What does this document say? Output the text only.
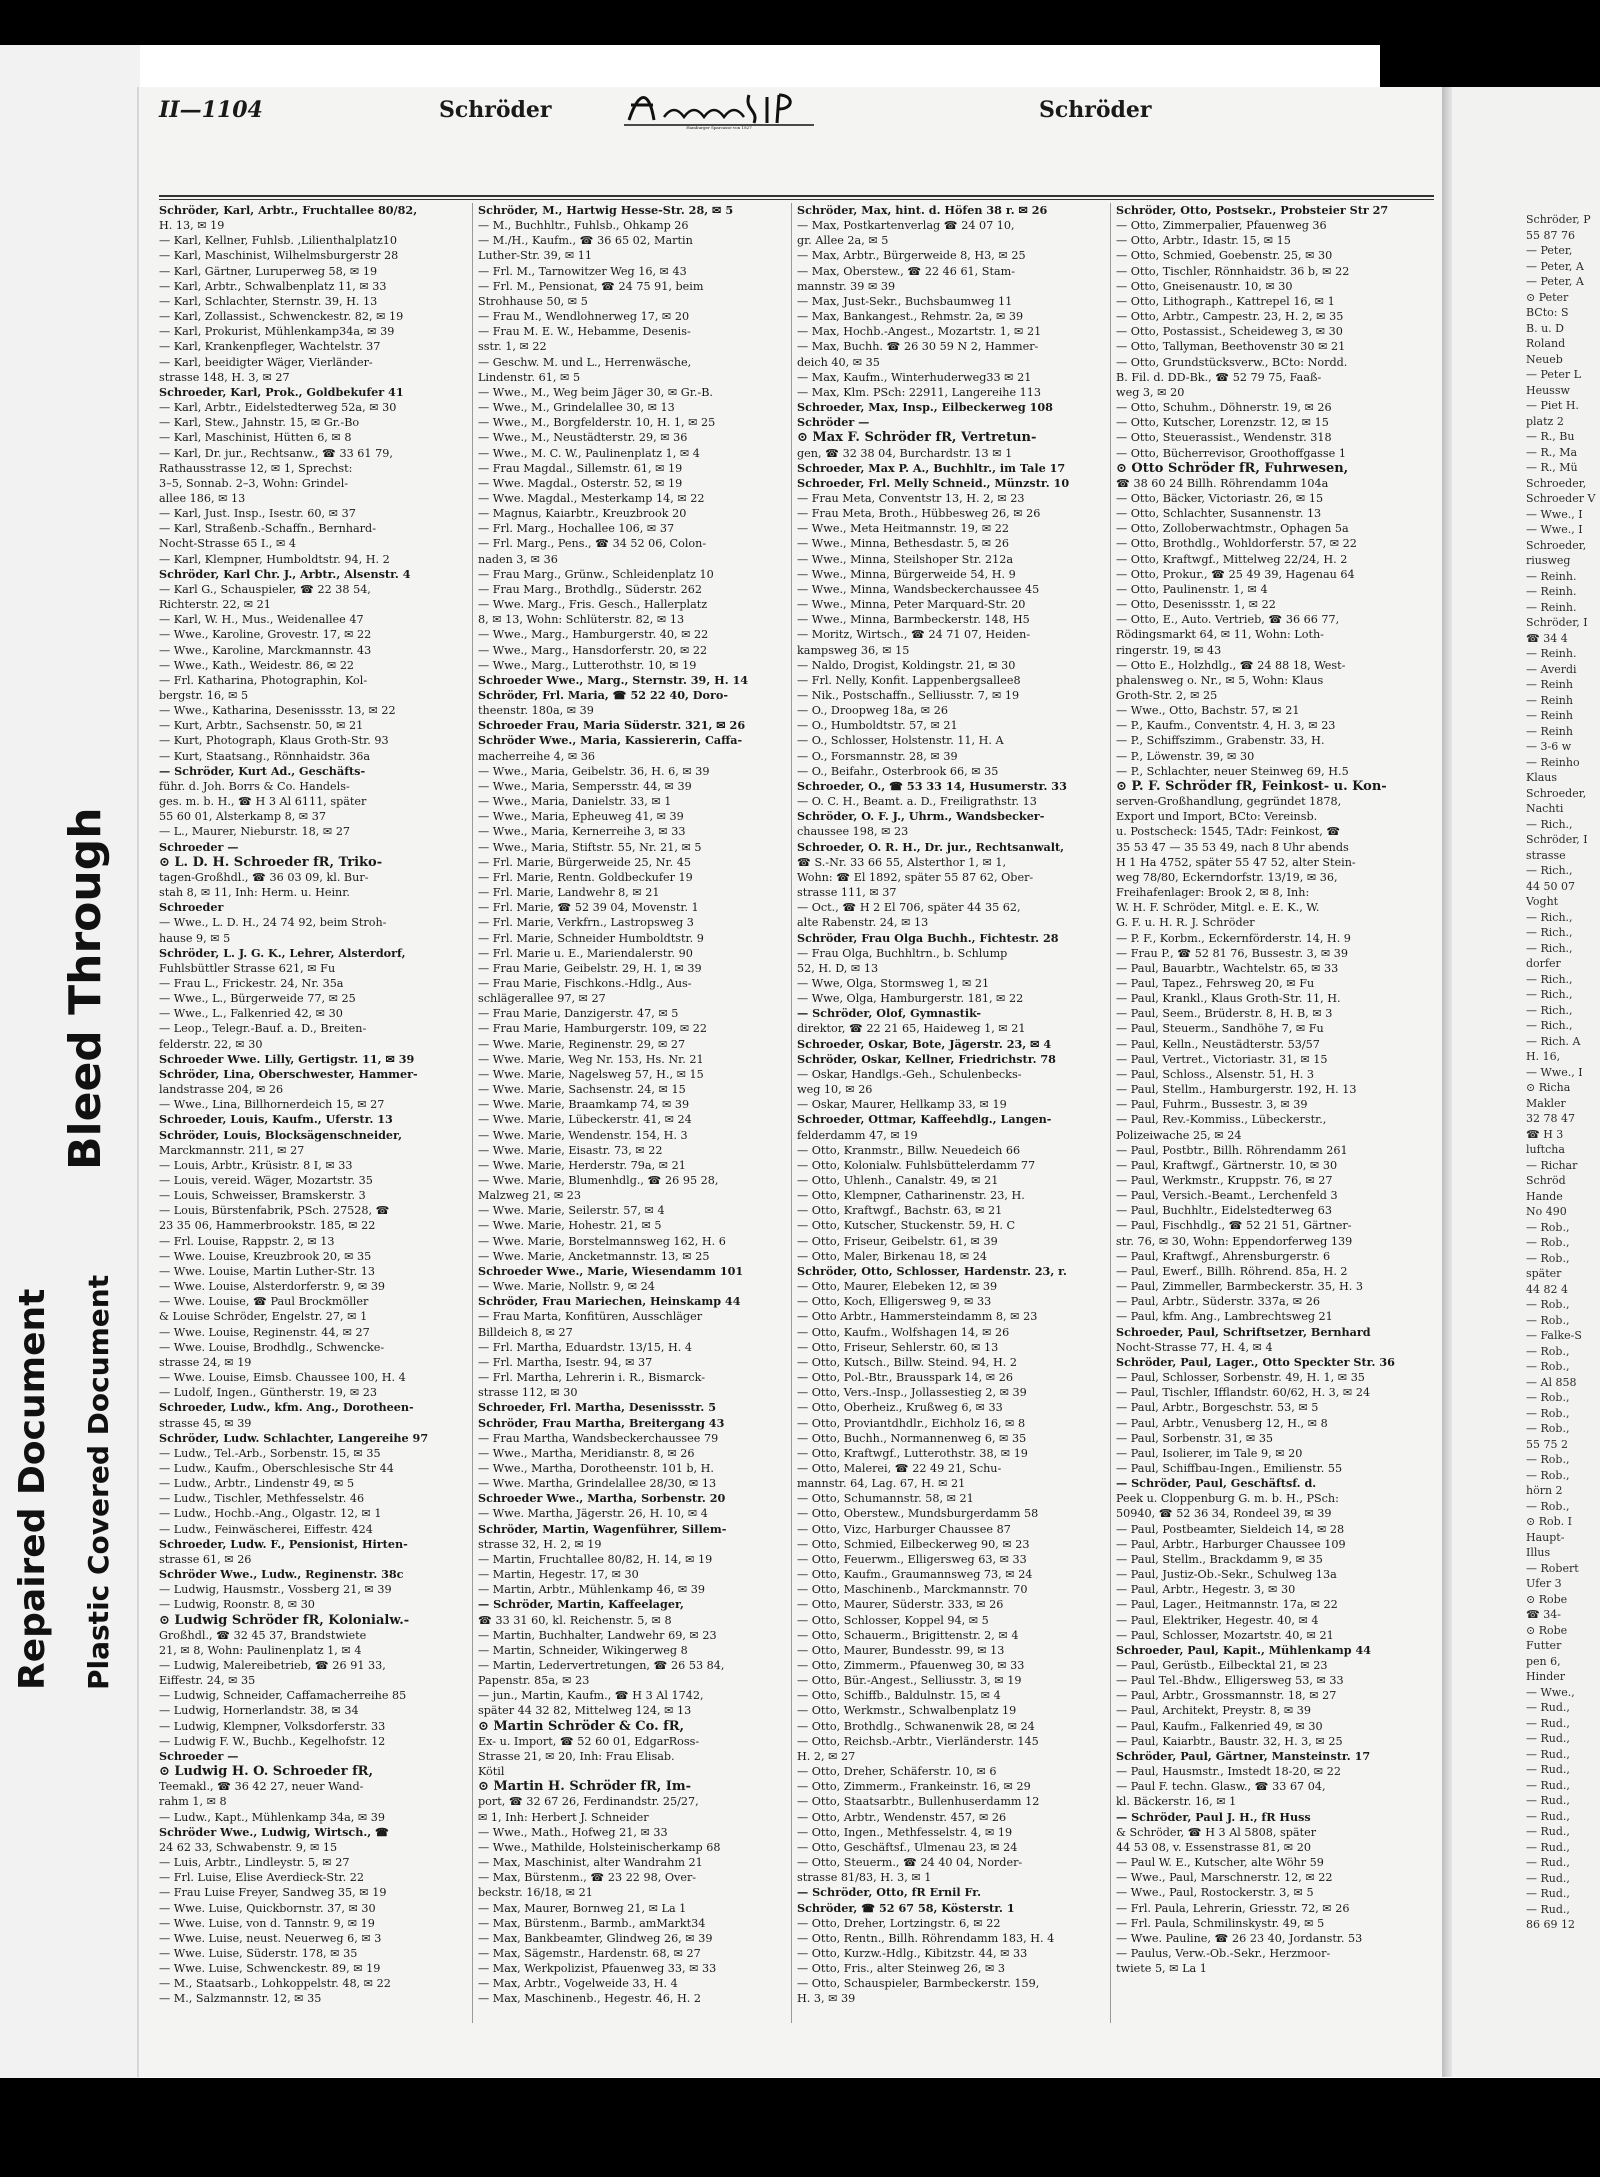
Repaired Document Plastic Covered Document
Bleed Through
II—1104	Schröder
Hamburger Sparcasse von 1827
Schröder
Schröder, Karl, Arbtr., Fruchtallee 80/82,
H. 13, ✉ 19
— Karl, Kellner, Fuhlsb. ,Lilienthalplatz10
— Karl, Maschinist, Wilhelmsburgerstr 28
— Karl, Gärtner, Luruperweg 58, ✉ 19
— Karl, Arbtr., Schwalbenplatz 11, ✉ 33
— Karl, Schlachter, Sternstr. 39, H. 13
— Karl, Zollassist., Schwenckestr. 82, ✉ 19
— Karl, Prokurist, Mühlenkamp34a, ✉ 39
— Karl, Krankenpfleger, Wachtelstr. 37
— Karl, beeidigter Wäger, Vierländer-
strasse 148, H. 3, ✉ 27
Schroeder, Karl, Prok., Goldbekufer 41
— Karl, Arbtr., Eidelstedterweg 52a, ✉ 30
— Karl, Stew., Jahnstr. 15, ✉ Gr.-Bo
— Karl, Maschinist, Hütten 6, ✉ 8
— Karl, Dr. jur., Rechtsanw., ☎ 33 61 79,
Rathausstrasse 12, ✉ 1, Sprechst:
3–5, Sonnab. 2–3, Wohn: Grindel-
allee 186, ✉ 13
— Karl, Just. Insp., Isestr. 60, ✉ 37
— Karl, Straßenb.-Schaffn., Bernhard-
Nocht-Strasse 65 I., ✉ 4
— Karl, Klempner, Humboldtstr. 94, H. 2
Schröder, Karl Chr. J., Arbtr., Alsenstr. 4
— Karl G., Schauspieler, ☎ 22 38 54,
Richterstr. 22, ✉ 21
— Karl, W. H., Mus., Weidenallee 47
— Wwe., Karoline, Grovestr. 17, ✉ 22
— Wwe., Karoline, Marckmannstr. 43
— Wwe., Kath., Weidestr. 86, ✉ 22
— Frl. Katharina, Photographin, Kol-
bergstr. 16, ✉ 5
— Wwe., Katharina, Desenissstr. 13, ✉ 22
— Kurt, Arbtr., Sachsenstr. 50, ✉ 21
— Kurt, Photograph, Klaus Groth-Str. 93
— Kurt, Staatsang., Rönnhaidstr. 36a
— Schröder, Kurt Ad., Geschäfts-
führ. d. Joh. Borrs & Co. Handels-
ges. m. b. H., ☎ H 3 Al 6111, später
55 60 01, Alsterkamp 8, ✉ 37
— L., Maurer, Nieburstr. 18, ✉ 27
Schroeder —
⊙ L. D. H. Schroeder fR, Triko-
tagen-Großhdl., ☎ 36 03 09, kl. Bur-
stah 8, ✉ 11, Inh: Herm. u. Heinr.
Schroeder
— Wwe., L. D. H., 24 74 92, beim Stroh-
hause 9, ✉ 5
Schröder, L. J. G. K., Lehrer, Alsterdorf,
Fuhlsbüttler Strasse 621, ✉ Fu
— Frau L., Frickestr. 24, Nr. 35a
— Wwe., L., Bürgerweide 77, ✉ 25
— Wwe., L., Falkenried 42, ✉ 30
— Leop., Telegr.-Bauf. a. D., Breiten-
felderstr. 22, ✉ 30
Schroeder Wwe. Lilly, Gertigstr. 11, ✉ 39
Schröder, Lina, Oberschwester, Hammer-
landstrasse 204, ✉ 26
— Wwe., Lina, Billhornerdeich 15, ✉ 27
Schroeder, Louis, Kaufm., Uferstr. 13
Schröder, Louis, Blocksägenschneider,
Marckmannstr. 211, ✉ 27
— Louis, Arbtr., Krüsistr. 8 I, ✉ 33
— Louis, vereid. Wäger, Mozartstr. 35
— Louis, Schweisser, Bramskerstr. 3
— Louis, Bürstenfabrik, PSch. 27528, ☎
23 35 06, Hammerbrookstr. 185, ✉ 22
— Frl. Louise, Rappstr. 2, ✉ 13
— Wwe. Louise, Kreuzbrook 20, ✉ 35
— Wwe. Louise, Martin Luther-Str. 13
— Wwe. Louise, Alsterdorferstr. 9, ✉ 39
— Wwe. Louise, ☎ Paul Brockmöller
& Louise Schröder, Engelstr. 27, ✉ 1
— Wwe. Louise, Reginenstr. 44, ✉ 27
— Wwe. Louise, Brodhdlg., Schwencke-
strasse 24, ✉ 19
— Wwe. Louise, Eimsb. Chaussee 100, H. 4
— Ludolf, Ingen., Güntherstr. 19, ✉ 23
Schroeder, Ludw., kfm. Ang., Dorotheen-
strasse 45, ✉ 39
Schröder, Ludw. Schlachter, Langereihe 97
— Ludw., Tel.-Arb., Sorbenstr. 15, ✉ 35
— Ludw., Kaufm., Oberschlesische Str 44
— Ludw., Arbtr., Lindenstr 49, ✉ 5
— Ludw., Tischler, Methfesselstr. 46
— Ludw., Hochb.-Ang., Olgastr. 12, ✉ 1
— Ludw., Feinwäscherei, Eiffestr. 424
Schroeder, Ludw. F., Pensionist, Hirten-
strasse 61, ✉ 26
Schröder Wwe., Ludw., Reginenstr. 38c
— Ludwig, Hausmstr., Vossberg 21, ✉ 39
— Ludwig, Roonstr. 8, ✉ 30
⊙ Ludwig Schröder fR, Kolonialw.-
Großhdl., ☎ 32 45 37, Brandstwiete
21, ✉ 8, Wohn: Paulinenplatz 1, ✉ 4
— Ludwig, Malereibetrieb, ☎ 26 91 33,
Eiffestr. 24, ✉ 35
— Ludwig, Schneider, Caffamacherreihe 85
— Ludwig, Hornerlandstr. 38, ✉ 34
— Ludwig, Klempner, Volksdorferstr. 33
— Ludwig F. W., Buchb., Kegelhofstr. 12
Schroeder —
⊙ Ludwig H. O. Schroeder fR,
Teemakl., ☎ 36 42 27, neuer Wand-
rahm 1, ✉ 8
— Ludw., Kapt., Mühlenkamp 34a, ✉ 39
Schröder Wwe., Ludwig, Wirtsch., ☎
24 62 33, Schwabenstr. 9, ✉ 15
— Luis, Arbtr., Lindleystr. 5, ✉ 27
— Frl. Luise, Elise Averdieck-Str. 22
— Frau Luise Freyer, Sandweg 35, ✉ 19
— Wwe. Luise, Quickbornstr. 37, ✉ 30
— Wwe. Luise, von d. Tannstr. 9, ✉ 19
— Wwe. Luise, neust. Neuerweg 6, ✉ 3
— Wwe. Luise, Süderstr. 178, ✉ 35
— Wwe. Luise, Schwenckestr. 89, ✉ 19
— M., Staatsarb., Lohkoppelstr. 48, ✉ 22
— M., Salzmannstr. 12, ✉ 35
Schröder, M., Hartwig Hesse-Str. 28, ✉ 5
— M., Buchhltr., Fuhlsb., Ohkamp 26
— M./H., Kaufm., ☎ 36 65 02, Martin
Luther-Str. 39, ✉ 11
— Frl. M., Tarnowitzer Weg 16, ✉ 43
— Frl. M., Pensionat, ☎ 24 75 91, beim
Strohhause 50, ✉ 5
— Frau M., Wendlohnerweg 17, ✉ 20
— Frau M. E. W., Hebamme, Desenis-
sstr. 1, ✉ 22
— Geschw. M. und L., Herrenwäsche,
Lindenstr. 61, ✉ 5
— Wwe., M., Weg beim Jäger 30, ✉ Gr.-B.
— Wwe., M., Grindelallee 30, ✉ 13
— Wwe., M., Borgfelderstr. 10, H. 1, ✉ 25
— Wwe., M., Neustädterstr. 29, ✉ 36
— Wwe., M. C. W., Paulinenplatz 1, ✉ 4
— Frau Magdal., Sillemstr. 61, ✉ 19
— Wwe. Magdal., Osterstr. 52, ✉ 19
— Wwe. Magdal., Mesterkamp 14, ✉ 22
— Magnus, Kaiarbtr., Kreuzbrook 20
— Frl. Marg., Hochallee 106, ✉ 37
— Frl. Marg., Pens., ☎ 34 52 06, Colon-
naden 3, ✉ 36
— Frau Marg., Grünw., Schleidenplatz 10
— Frau Marg., Brothdlg., Süderstr. 262
— Wwe. Marg., Fris. Gesch., Hallerplatz
8, ✉ 13, Wohn: Schlüterstr. 82, ✉ 13
— Wwe., Marg., Hamburgerstr. 40, ✉ 22
— Wwe., Marg., Hansdorferstr. 20, ✉ 22
— Wwe., Marg., Lutterothstr. 10, ✉ 19
Schroeder Wwe., Marg., Sternstr. 39, H. 14
Schröder, Frl. Maria, ☎ 52 22 40, Doro-
theenstr. 180a, ✉ 39
Schroeder Frau, Maria Süderstr. 321, ✉ 26
Schröder Wwe., Maria, Kassiererin, Caffa-
macherreihe 4, ✉ 36
— Wwe., Maria, Geibelstr. 36, H. 6, ✉ 39
— Wwe., Maria, Sempersstr. 44, ✉ 39
— Wwe., Maria, Danielstr. 33, ✉ 1
— Wwe., Maria, Epheuweg 41, ✉ 39
— Wwe., Maria, Kernerreihe 3, ✉ 33
— Wwe., Maria, Stiftstr. 55, Nr. 21, ✉ 5
— Frl. Marie, Bürgerweide 25, Nr. 45
— Frl. Marie, Rentn. Goldbeckufer 19
— Frl. Marie, Landwehr 8, ✉ 21
— Frl. Marie, ☎ 52 39 04, Movenstr. 1
— Frl. Marie, Verkfrn., Lastropsweg 3
— Frl. Marie, Schneider Humboldtstr. 9
— Frl. Marie u. E., Mariendalerstr. 90
— Frau Marie, Geibelstr. 29, H. 1, ✉ 39
— Frau Marie, Fischkons.-Hdlg., Aus-
schlägerallee 97, ✉ 27
— Frau Marie, Danzigerstr. 47, ✉ 5
— Frau Marie, Hamburgerstr. 109, ✉ 22
— Wwe. Marie, Reginenstr. 29, ✉ 27
— Wwe. Marie, Weg Nr. 153, Hs. Nr. 21
— Wwe. Marie, Nagelsweg 57, H., ✉ 15
— Wwe. Marie, Sachsenstr. 24, ✉ 15
— Wwe. Marie, Braamkamp 74, ✉ 39
— Wwe. Marie, Lübeckerstr. 41, ✉ 24
— Wwe. Marie, Wendenstr. 154, H. 3
— Wwe. Marie, Eisastr. 73, ✉ 22
— Wwe. Marie, Herderstr. 79a, ✉ 21
— Wwe. Marie, Blumenhdlg., ☎ 26 95 28,
Malzweg 21, ✉ 23
— Wwe. Marie, Seilerstr. 57, ✉ 4
— Wwe. Marie, Hohestr. 21, ✉ 5
— Wwe. Marie, Borstelmannsweg 162, H. 6
— Wwe. Marie, Ancketmannstr. 13, ✉ 25
Schroeder Wwe., Marie, Wiesendamm 101
— Wwe. Marie, Nollstr. 9, ✉ 24
Schröder, Frau Mariechen, Heinskamp 44
— Frau Marta, Konfitüren, Ausschläger
Billdeich 8, ✉ 27
— Frl. Martha, Eduardstr. 13/15, H. 4
— Frl. Martha, Isestr. 94, ✉ 37
— Frl. Martha, Lehrerin i. R., Bismarck-
strasse 112, ✉ 30
Schroeder, Frl. Martha, Desenissstr. 5
Schröder, Frau Martha, Breitergang 43
— Frau Martha, Wandsbeckerchaussee 79
— Wwe., Martha, Meridianstr. 8, ✉ 26
— Wwe., Martha, Dorotheenstr. 101 b, H.
— Wwe. Martha, Grindelallee 28/30, ✉ 13
Schroeder Wwe., Martha, Sorbenstr. 20
— Wwe. Martha, Jägerstr. 26, H. 10, ✉ 4
Schröder, Martin, Wagenführer, Sillem-
strasse 32, H. 2, ✉ 19
— Martin, Fruchtallee 80/82, H. 14, ✉ 19
— Martin, Hegestr. 17, ✉ 30
— Martin, Arbtr., Mühlenkamp 46, ✉ 39
— Schröder, Martin, Kaffeelager,
☎ 33 31 60, kl. Reichenstr. 5, ✉ 8
— Martin, Buchhalter, Landwehr 69, ✉ 23
— Martin, Schneider, Wikingerweg 8
— Martin, Ledervertretungen, ☎ 26 53 84,
Papenstr. 85a, ✉ 23
— jun., Martin, Kaufm., ☎ H 3 Al 1742,
später 44 32 82, Mittelweg 124, ✉ 13
⊙ Martin Schröder & Co. fR,
Ex- u. Import, ☎ 52 60 01, EdgarRoss-
Strasse 21, ✉ 20, Inh: Frau Elisab.
Kötil
⊙ Martin H. Schröder fR, Im-
port, ☎ 32 67 26, Ferdinandstr. 25/27,
✉ 1, Inh: Herbert J. Schneider
— Wwe., Math., Hofweg 21, ✉ 33
— Wwe., Mathilde, Holsteinischerkamp 68
— Max, Maschinist, alter Wandrahm 21
— Max, Bürstenm., ☎ 23 22 98, Over-
beckstr. 16/18, ✉ 21
— Max, Maurer, Bornweg 21, ✉ La 1
— Max, Bürstenm., Barmb., amMarkt34
— Max, Bankbeamter, Glindweg 26, ✉ 39
— Max, Sägemstr., Hardenstr. 68, ✉ 27
— Max, Werkpolizist, Pfauenweg 33, ✉ 33
— Max, Arbtr., Vogelweide 33, H. 4
— Max, Maschinenb., Hegestr. 46, H. 2
Schröder, Max, hint. d. Höfen 38 r. ✉ 26
— Max, Postkartenverlag ☎ 24 07 10,
gr. Allee 2a, ✉ 5
— Max, Arbtr., Bürgerweide 8, H3, ✉ 25
— Max, Oberstew., ☎ 22 46 61, Stam-
mannstr. 39 ✉ 39
— Max, Just-Sekr., Buchsbaumweg 11
— Max, Bankangest., Rehmstr. 2a, ✉ 39
— Max, Hochb.-Angest., Mozartstr. 1, ✉ 21
— Max, Buchh. ☎ 26 30 59 N 2, Hammer-
deich 40, ✉ 35
— Max, Kaufm., Winterhuderweg33 ✉ 21
— Max, Klm. PSch: 22911, Langereihe 113
Schroeder, Max, Insp., Eilbeckerweg 108
Schröder —
⊙ Max F. Schröder fR, Vertretun-
gen, ☎ 32 38 04, Burchardstr. 13 ✉ 1
Schroeder, Max P. A., Buchhltr., im Tale 17
Schroeder, Frl. Melly Schneid., Münzstr. 10
— Frau Meta, Conventstr 13, H. 2, ✉ 23
— Frau Meta, Broth., Hübbesweg 26, ✉ 26
— Wwe., Meta Heitmannstr. 19, ✉ 22
— Wwe., Minna, Bethesdastr. 5, ✉ 26
— Wwe., Minna, Steilshoper Str. 212a
— Wwe., Minna, Bürgerweide 54, H. 9
— Wwe., Minna, Wandsbeckerchaussee 45
— Wwe., Minna, Peter Marquard-Str. 20
— Wwe., Minna, Barmbeckerstr. 148, H5
— Moritz, Wirtsch., ☎ 24 71 07, Heiden-
kampsweg 36, ✉ 15
— Naldo, Drogist, Koldingstr. 21, ✉ 30
— Frl. Nelly, Konfit. Lappenbergsallee8
— Nik., Postschaffn., Selliusstr. 7, ✉ 19
— O., Droopweg 18a, ✉ 26
— O., Humboldtstr. 57, ✉ 21
— O., Schlosser, Holstenstr. 11, H. A
— O., Forsmannstr. 28, ✉ 39
— O., Beifahr., Osterbrook 66, ✉ 35
Schroeder, O., ☎ 53 33 14, Husumerstr. 33
— O. C. H., Beamt. a. D., Freiligrathstr. 13
Schröder, O. F. J., Uhrm., Wandsbecker-
chaussee 198, ✉ 23
Schroeder, O. R. H., Dr. jur., Rechtsanwalt,
☎ S.-Nr. 33 66 55, Alsterthor 1, ✉ 1,
Wohn: ☎ El 1892, später 55 87 62, Ober-
strasse 111, ✉ 37
— Oct., ☎ H 2 El 706, später 44 35 62,
alte Rabenstr. 24, ✉ 13
Schröder, Frau Olga Buchh., Fichtestr. 28
— Frau Olga, Buchhltrn., b. Schlump
52, H. D, ✉ 13
— Wwe, Olga, Stormsweg 1, ✉ 21
— Wwe, Olga, Hamburgerstr. 181, ✉ 22
— Schröder, Olof, Gymnastik-
direktor, ☎ 22 21 65, Haideweg 1, ✉ 21
Schroeder, Oskar, Bote, Jägerstr. 23, ✉ 4
Schröder, Oskar, Kellner, Friedrichstr. 78
— Oskar, Handlgs.-Geh., Schulenbecks-
weg 10, ✉ 26
— Oskar, Maurer, Hellkamp 33, ✉ 19
Schroeder, Ottmar, Kaffeehdlg., Langen-
felderdamm 47, ✉ 19
— Otto, Kranmstr., Billw. Neuedeich 66
— Otto, Kolonialw. Fuhlsbüttelerdamm 77
— Otto, Uhlenh., Canalstr. 49, ✉ 21
— Otto, Klempner, Catharinenstr. 23, H.
— Otto, Kraftwgf., Bachstr. 63, ✉ 21
— Otto, Kutscher, Stuckenstr. 59, H. C
— Otto, Friseur, Geibelstr. 61, ✉ 39
— Otto, Maler, Birkenau 18, ✉ 24
Schröder, Otto, Schlosser, Hardenstr. 23, r.
— Otto, Maurer, Elebeken 12, ✉ 39
— Otto, Koch, Elligersweg 9, ✉ 33
— Otto Arbtr., Hammersteindamm 8, ✉ 23
— Otto, Kaufm., Wolfshagen 14, ✉ 26
— Otto, Friseur, Sehlerstr. 60, ✉ 13
— Otto, Kutsch., Billw. Steind. 94, H. 2
— Otto, Pol.-Btr., Brausspark 14, ✉ 26
— Otto, Vers.-Insp., Jollassestieg 2, ✉ 39
— Otto, Oberheiz., Krußweg 6, ✉ 33
— Otto, Proviantdhdlr., Eichholz 16, ✉ 8
— Otto, Buchh., Normannenweg 6, ✉ 35
— Otto, Kraftwgf., Lutterothstr. 38, ✉ 19
— Otto, Malerei, ☎ 22 49 21, Schu-
mannstr. 64, Lag. 67, H. ✉ 21
— Otto, Schumannstr. 58, ✉ 21
— Otto, Oberstew., Mundsburgerdamm 58
— Otto, Vizc, Harburger Chaussee 87
— Otto, Schmied, Eilbeckerweg 90, ✉ 23
— Otto, Feuerwm., Elligersweg 63, ✉ 33
— Otto, Kaufm., Graumannsweg 73, ✉ 24
— Otto, Maschinenb., Marckmannstr. 70
— Otto, Maurer, Süderstr. 333, ✉ 26
— Otto, Schlosser, Koppel 94, ✉ 5
— Otto, Schauerm., Brigittenstr. 2, ✉ 4
— Otto, Maurer, Bundesstr. 99, ✉ 13
— Otto, Zimmerm., Pfauenweg 30, ✉ 33
— Otto, Bür.-Angest., Selliusstr. 3, ✉ 19
— Otto, Schiffb., Baldulnstr. 15, ✉ 4
— Otto, Werkmstr., Schwalbenplatz 19
— Otto, Brothdlg., Schwanenwik 28, ✉ 24
— Otto, Reichsb.-Arbtr., Vierländerstr. 145
H. 2, ✉ 27
— Otto, Dreher, Schäferstr. 10, ✉ 6
— Otto, Zimmerm., Frankeinstr. 16, ✉ 29
— Otto, Staatsarbtr., Bullenhuserdamm 12
— Otto, Arbtr., Wendenstr. 457, ✉ 26
— Otto, Ingen., Methfesselstr. 4, ✉ 19
— Otto, Geschäftsf., Ulmenau 23, ✉ 24
— Otto, Steuerm., ☎ 24 40 04, Norder-
strasse 81/83, H. 3, ✉ 1
— Schröder, Otto, fR Ernil Fr.
Schröder, ☎ 52 67 58, Kösterstr. 1
— Otto, Dreher, Lortzingstr. 6, ✉ 22
— Otto, Rentn., Billh. Röhrendamm 183, H. 4
— Otto, Kurzw.-Hdlg., Kibitzstr. 44, ✉ 33
— Otto, Fris., alter Steinweg 26, ✉ 3
— Otto, Schauspieler, Barmbeckerstr. 159,
H. 3, ✉ 39
Schröder, Otto, Postsekr., Probsteier Str 27
— Otto, Zimmerpalier, Pfauenweg 36
— Otto, Arbtr., Idastr. 15, ✉ 15
— Otto, Schmied, Goebenstr. 25, ✉ 30
— Otto, Tischler, Rönnhaidstr. 36 b, ✉ 22
— Otto, Gneisenaustr. 10, ✉ 30
— Otto, Lithograph., Kattrepel 16, ✉ 1
— Otto, Arbtr., Campestr. 23, H. 2, ✉ 35
— Otto, Postassist., Scheideweg 3, ✉ 30
— Otto, Tallyman, Beethovenstr 30 ✉ 21
— Otto, Grundstücksverw., BCto: Nordd.
B. Fil. d. DD-Bk., ☎ 52 79 75, Faaß-
weg 3, ✉ 20
— Otto, Schuhm., Döhnerstr. 19, ✉ 26
— Otto, Kutscher, Lorenzstr. 12, ✉ 15
— Otto, Steuerassist., Wendenstr. 318
— Otto, Bücherrevisor, Groothoffgasse 1
⊙ Otto Schröder fR, Fuhrwesen,
☎ 38 60 24 Billh. Röhrendamm 104a
— Otto, Bäcker, Victoriastr. 26, ✉ 15
— Otto, Schlachter, Susannenstr. 13
— Otto, Zolloberwachtmstr., Ophagen 5a
— Otto, Brothdlg., Wohldorferstr. 57, ✉ 22
— Otto, Kraftwgf., Mittelweg 22/24, H. 2
— Otto, Prokur., ☎ 25 49 39, Hagenau 64
— Otto, Paulinenstr. 1, ✉ 4
— Otto, Desenissstr. 1, ✉ 22
— Otto, E., Auto. Vertrieb, ☎ 36 66 77,
Rödingsmarkt 64, ✉ 11, Wohn: Loth-
ringerstr. 19, ✉ 43
— Otto E., Holzhdlg., ☎ 24 88 18, West-
phalensweg o. Nr., ✉ 5, Wohn: Klaus
Groth-Str. 2, ✉ 25
— Wwe., Otto, Bachstr. 57, ✉ 21
— P., Kaufm., Conventstr. 4, H. 3, ✉ 23
— P., Schiffszimm., Grabenstr. 33, H.
— P., Löwenstr. 39, ✉ 30
— P., Schlachter, neuer Steinweg 69, H.5
⊙ P. F. Schröder fR, Feinkost- u. Kon-
serven-Großhandlung, gegründet 1878,
Export und Import, BCto: Vereinsb.
u. Postscheck: 1545, TAdr: Feinkost, ☎
35 53 47 — 35 53 49, nach 8 Uhr abends
H 1 Ha 4752, später 55 47 52, alter Stein-
weg 78/80, Eckerndorfstr. 13/19, ✉ 36,
Freihafenlager: Brook 2, ✉ 8, Inh:
W. H. F. Schröder, Mitgl. e. E. K., W.
G. F. u. H. R. J. Schröder
— P. F., Korbm., Eckernförderstr. 14, H. 9
— Frau P., ☎ 52 81 76, Bussestr. 3, ✉ 39
— Paul, Bauarbtr., Wachtelstr. 65, ✉ 33
— Paul, Tapez., Fehrsweg 20, ✉ Fu
— Paul, Krankl., Klaus Groth-Str. 11, H.
— Paul, Seem., Brüderstr. 8, H. B, ✉ 3
— Paul, Steuerm., Sandhöhe 7, ✉ Fu
— Paul, Kelln., Neustädterstr. 53/57
— Paul, Vertret., Victoriastr. 31, ✉ 15
— Paul, Schloss., Alsenstr. 51, H. 3
— Paul, Stellm., Hamburgerstr. 192, H. 13
— Paul, Fuhrm., Bussestr. 3, ✉ 39
— Paul, Rev.-Kommiss., Lübeckerstr.,
Polizeiwache 25, ✉ 24
— Paul, Postbtr., Billh. Röhrendamm 261
— Paul, Kraftwgf., Gärtnerstr. 10, ✉ 30
— Paul, Werkmstr., Kruppstr. 76, ✉ 27
— Paul, Versich.-Beamt., Lerchenfeld 3
— Paul, Buchhltr., Eidelstedterweg 63
— Paul, Fischhdlg., ☎ 52 21 51, Gärtner-
str. 76, ✉ 30, Wohn: Eppendorferweg 139
— Paul, Kraftwgf., Ahrensburgerstr. 6
— Paul, Ewerf., Billh. Röhrend. 85a, H. 2
— Paul, Zimmeller, Barmbeckerstr. 35, H. 3
— Paul, Arbtr., Süderstr. 337a, ✉ 26
— Paul, kfm. Ang., Lambrechtsweg 21
Schroeder, Paul, Schriftsetzer, Bernhard
Nocht-Strasse 77, H. 4, ✉ 4
Schröder, Paul, Lager., Otto Speckter Str. 36
— Paul, Schlosser, Sorbenstr. 49, H. 1, ✉ 35
— Paul, Tischler, Ifflandstr. 60/62, H. 3, ✉ 24
— Paul, Arbtr., Borgeschstr. 53, ✉ 5
— Paul, Arbtr., Venusberg 12, H., ✉ 8
— Paul, Sorbenstr. 31, ✉ 35
— Paul, Isolierer, im Tale 9, ✉ 20
— Paul, Schiffbau-Ingen., Emilienstr. 55
— Schröder, Paul, Geschäftsf. d.
Peek u. Cloppenburg G. m. b. H., PSch:
50940, ☎ 52 36 34, Rondeel 39, ✉ 39
— Paul, Postbeamter, Sieldeich 14, ✉ 28
— Paul, Arbtr., Harburger Chaussee 109
— Paul, Stellm., Brackdamm 9, ✉ 35
— Paul, Justiz-Ob.-Sekr., Schulweg 13a
— Paul, Arbtr., Hegestr. 3, ✉ 30
— Paul, Lager., Heitmannstr. 17a, ✉ 22
— Paul, Elektriker, Hegestr. 40, ✉ 4
— Paul, Schlosser, Mozartstr. 40, ✉ 21
Schroeder, Paul, Kapit., Mühlenkamp 44
— Paul, Gerüstb., Eilbecktal 21, ✉ 23
— Paul Tel.-Bhdw., Elligersweg 53, ✉ 33
— Paul, Arbtr., Grossmannstr. 18, ✉ 27
— Paul, Architekt, Preystr. 8, ✉ 39
— Paul, Kaufm., Falkenried 49, ✉ 30
— Paul, Kaiarbtr., Baustr. 32, H. 3, ✉ 25
Schröder, Paul, Gärtner, Mansteinstr. 17
— Paul, Hausmstr., Imstedt 18-20, ✉ 22
— Paul F. techn. Glasw., ☎ 33 67 04,
kl. Bäckerstr. 16, ✉ 1
— Schröder, Paul J. H., fR Huss
& Schröder, ☎ H 3 Al 5808, später
44 53 08, v. Essenstrasse 81, ✉ 20
— Paul W. E., Kutscher, alte Wöhr 59
— Wwe., Paul, Marschnerstr. 12, ✉ 22
— Wwe., Paul, Rostockerstr. 3, ✉ 5
— Frl. Paula, Lehrerin, Griesstr. 72, ✉ 26
— Frl. Paula, Schmilinskystr. 49, ✉ 5
— Wwe. Pauline, ☎ 26 23 40, Jordanstr. 53
— Paulus, Verw.-Ob.-Sekr., Herzmoor-
twiete 5, ✉ La 1
Schröder, P
55 87 76
— Peter,
— Peter, A
— Peter, A
⊙ Peter
BCto: S
B. u. D
Roland
Neueb
— Peter L
Heussw
— Piet H.
platz 2
— R., Bu
— R., Ma
— R., Mü
Schroeder,
Schroeder V
— Wwe., I
— Wwe., I
Schroeder,
riusweg
— Reinh.
— Reinh.
— Reinh.
Schröder, I
☎ 34 4
— Reinh.
— Averdi
— Reinh
— Reinh
— Reinh
— Reinh
— 3-6 w
— Reinho
Klaus
Schroeder,
Nachti
— Rich.,
Schröder, I
strasse
— Rich.,
44 50 07
Voght
— Rich.,
— Rich.,
— Rich.,
dorfer
— Rich.,
— Rich.,
— Rich.,
— Rich.,
— Rich. A
H. 16,
— Wwe., I
⊙ Richa
Makler
32 78 47
☎ H 3
luftcha
— Richar
Schröd
Hande
No 490
— Rob.,
— Rob.,
— Rob.,
später
44 82 4
— Rob.,
— Rob.,
— Falke-S
— Rob.,
— Rob.,
— Al 858
— Rob.,
— Rob.,
— Rob.,
55 75 2
— Rob.,
— Rob.,
hörn 2
— Rob.,
⊙ Rob. I
Haupt-
Illus
— Robert
Ufer 3
⊙ Robe
☎ 34-
⊙ Robe
Futter
pen 6,
Hinder
— Wwe.,
— Rud.,
— Rud.,
— Rud.,
— Rud.,
— Rud.,
— Rud.,
— Rud.,
— Rud.,
— Rud.,
— Rud.,
— Rud.,
— Rud.,
— Rud.,
— Rud.,
86 69 12
